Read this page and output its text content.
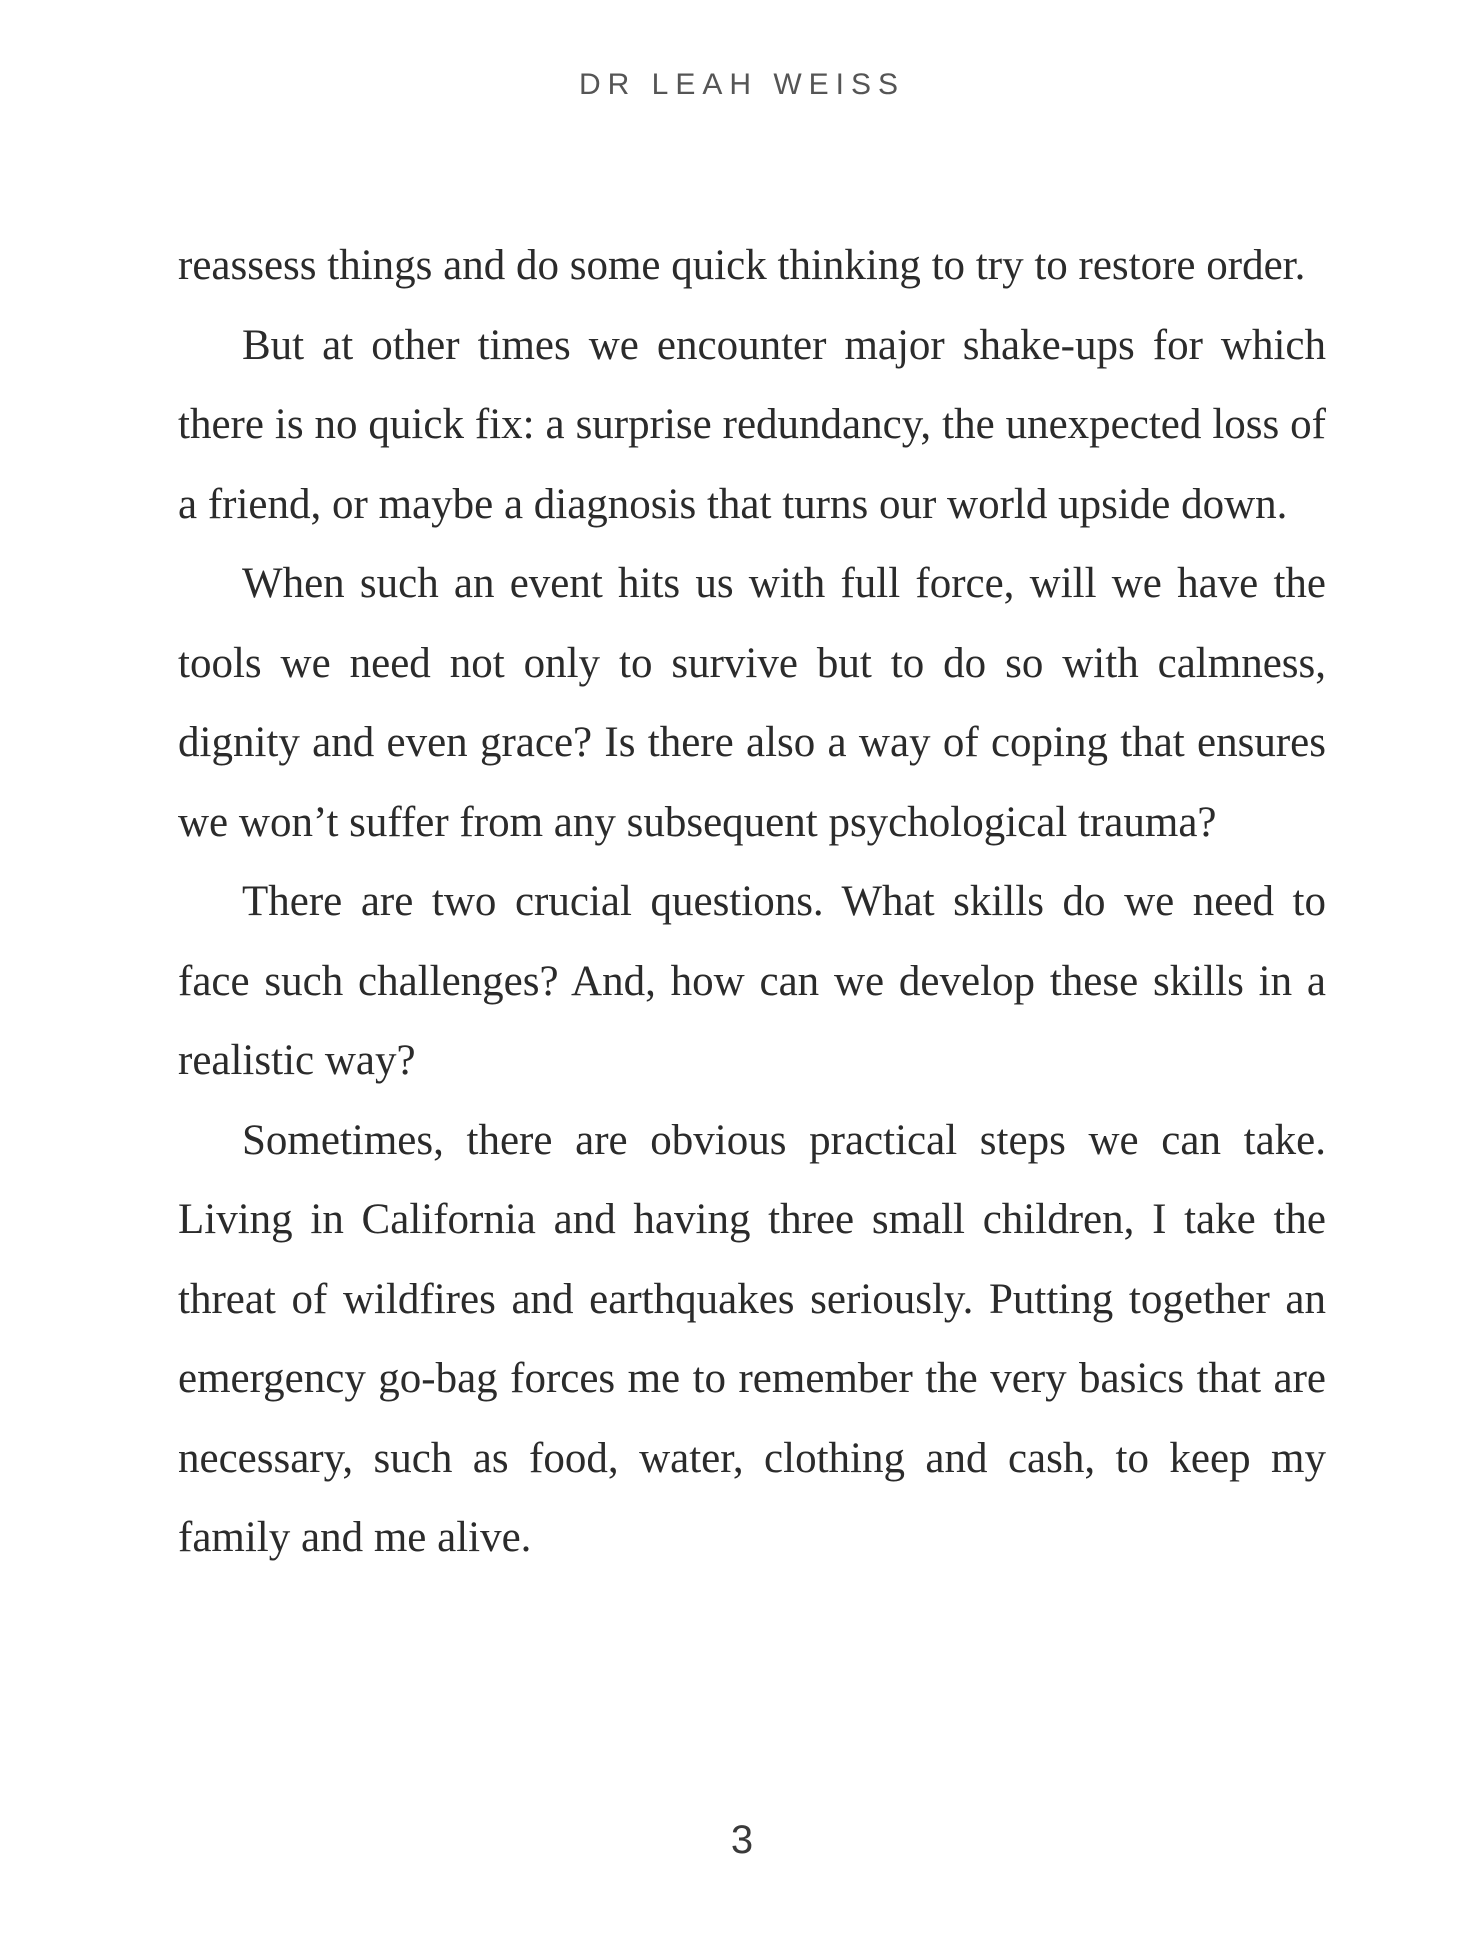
DR LEAH WEISS

reassess things and do some quick thinking to try to restore order.

But at other times we encounter major shake-ups for which there is no quick fix: a surprise redundancy, the unexpected loss of a friend, or maybe a diagnosis that turns our world upside down.

When such an event hits us with full force, will we have the tools we need not only to survive but to do so with calmness, dignity and even grace? Is there also a way of coping that ensures we won’t suffer from any subsequent psychological trauma?

There are two crucial questions. What skills do we need to face such challenges? And, how can we develop these skills in a realistic way?

Sometimes, there are obvious practical steps we can take. Living in California and having three small children, I take the threat of wildfires and earthquakes seriously. Putting together an emergency go-bag forces me to remember the very basics that are necessary, such as food, water, clothing and cash, to keep my family and me alive.

3
